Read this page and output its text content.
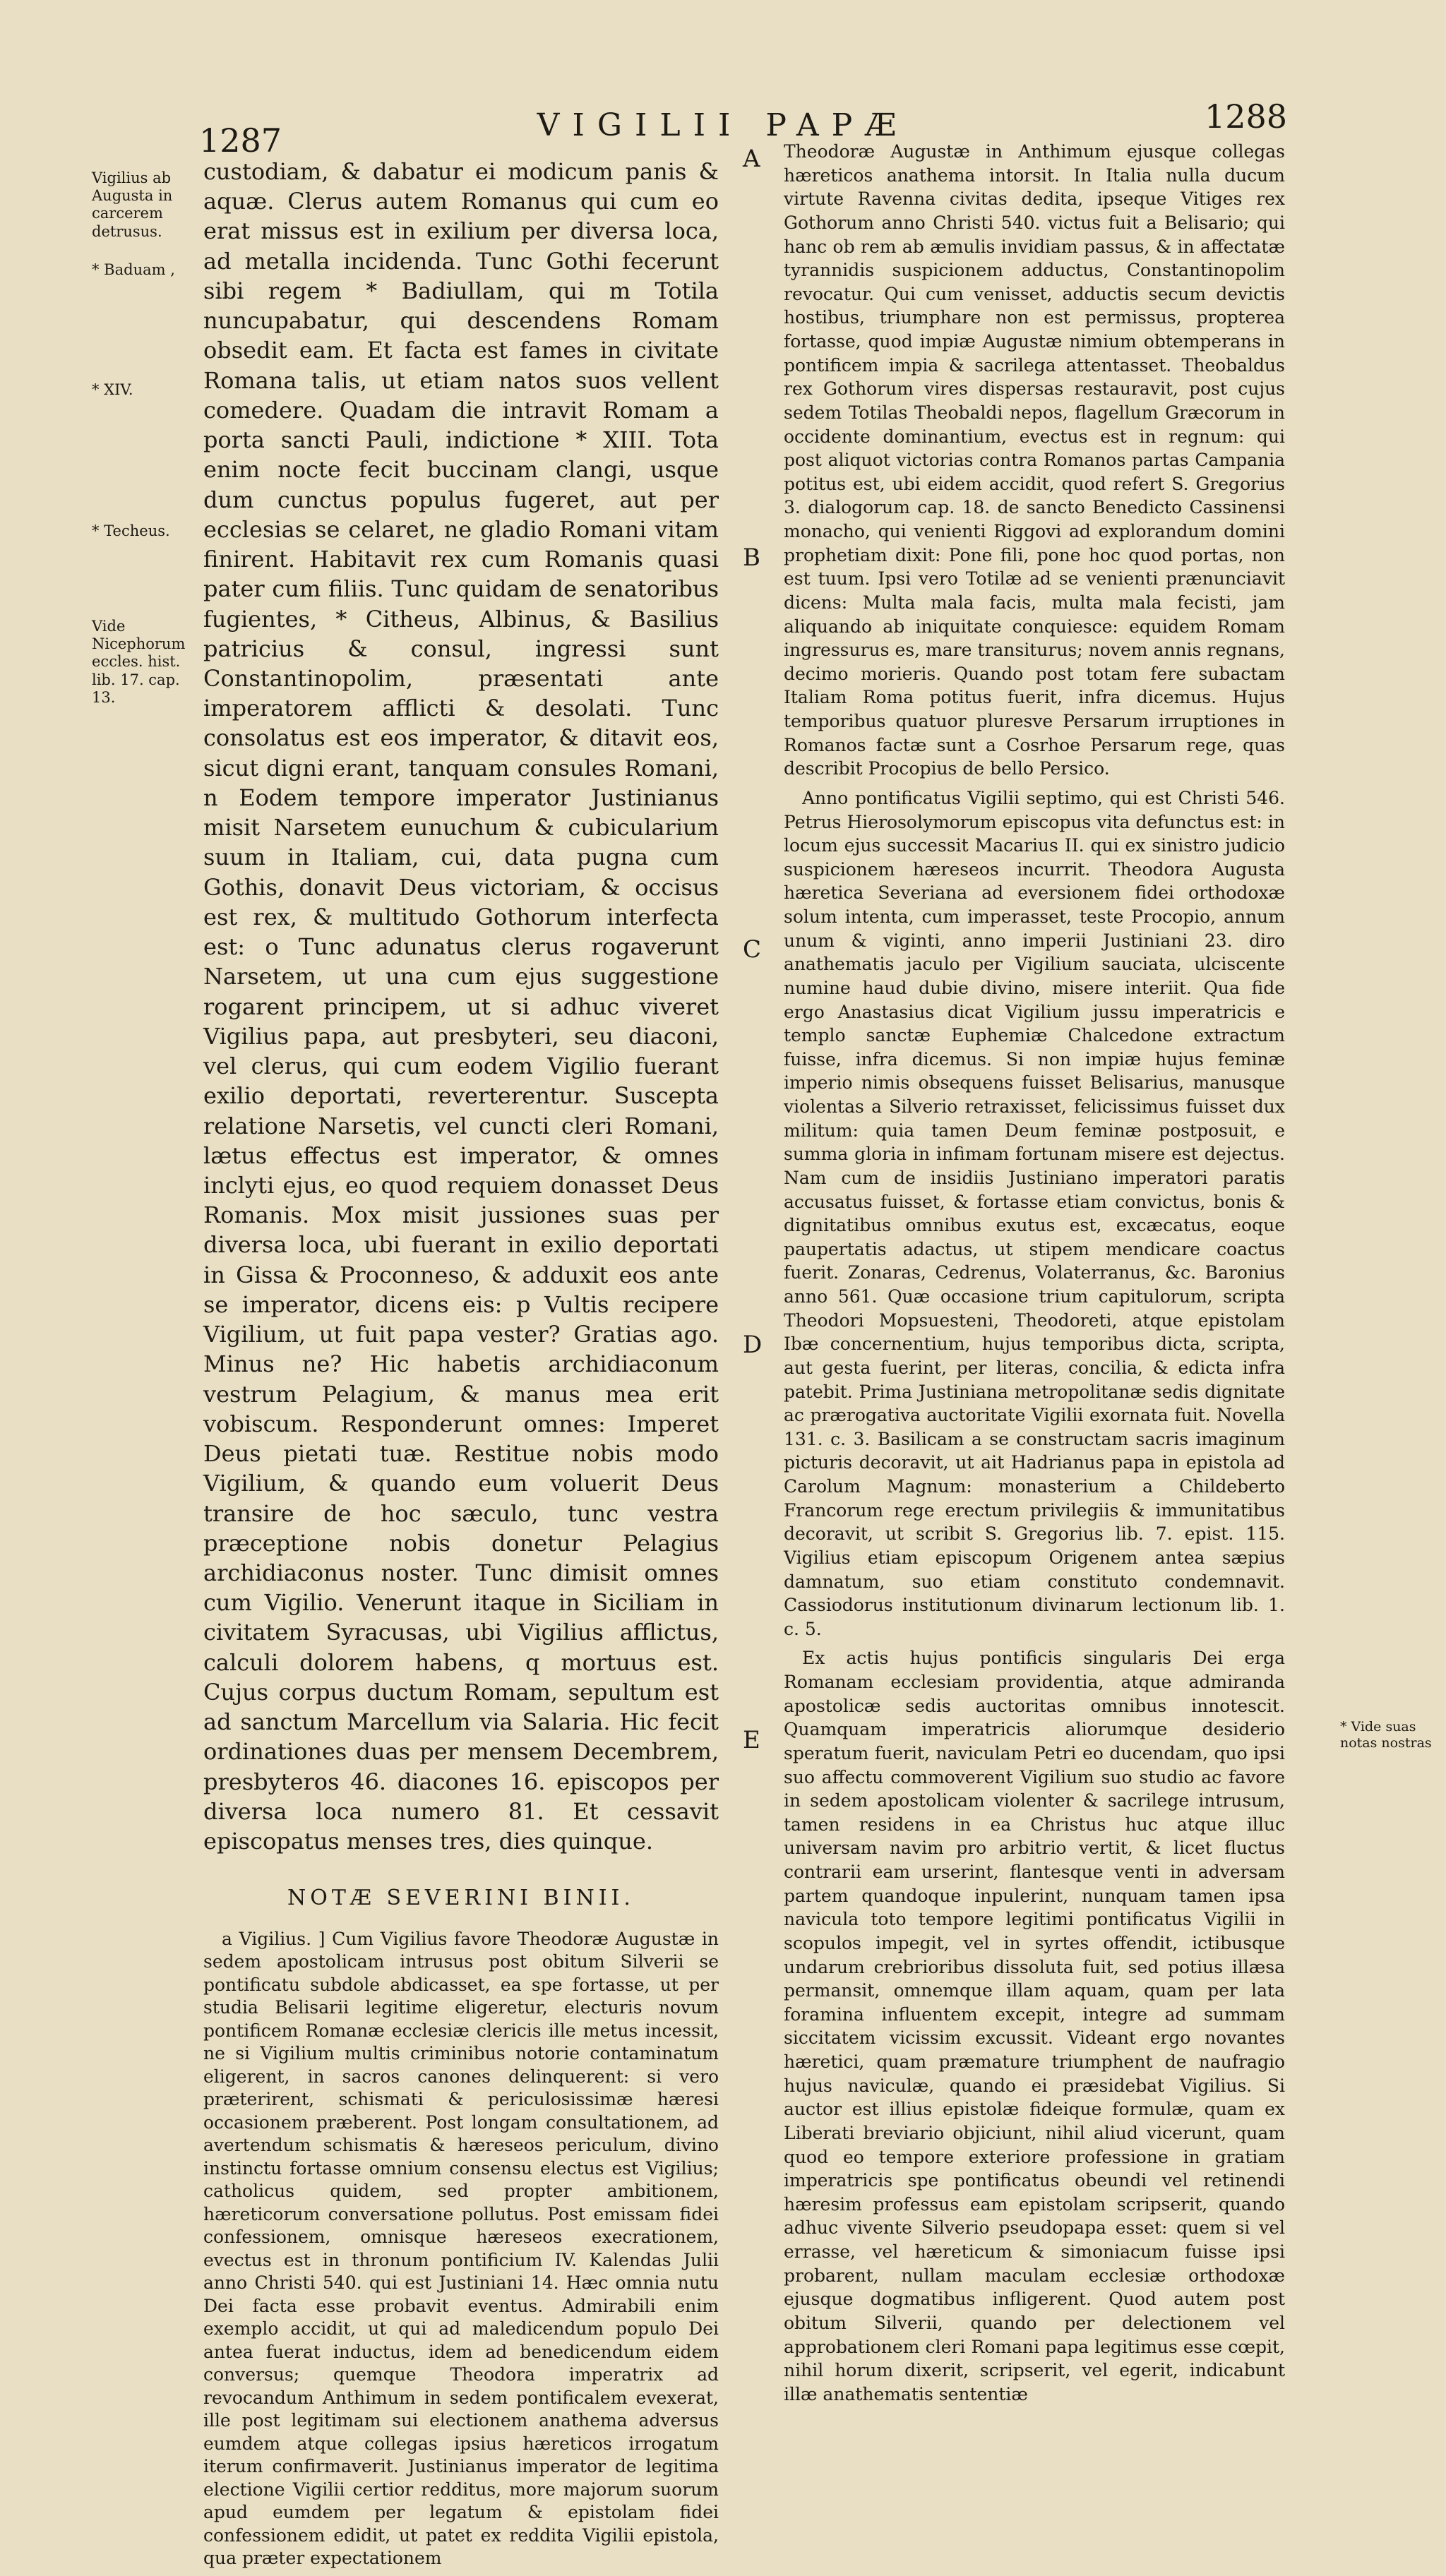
1287	VIGILII PAPÆ	1288
Vigilius ab Augusta in carcerem detrusus.
* Baduam ,
* XIV.
* Techeus.
Vide Nicephorum eccles. hist. lib. 17. cap. 13.
* Vide suas notas nostras
A
B
C
D
E

custodiam, & dabatur ei modicum panis & aquæ. Clerus autem Romanus qui cum eo erat missus est in exilium per diversa loca, ad metalla incidenda. Tunc Gothi fecerunt sibi regem * Badiullam, qui m Totila nuncupabatur, qui descendens Romam obsedit eam. Et facta est fames in civitate Romana talis, ut etiam natos suos vellent comedere. Quadam die intravit Romam a porta sancti Pauli, indictione * XIII. Tota enim nocte fecit buccinam clangi, usque dum cunctus populus fugeret, aut per ecclesias se celaret, ne gladio Romani vitam finirent. Habitavit rex cum Romanis quasi pater cum filiis. Tunc quidam de senatoribus fugientes, * Citheus, Albinus, & Basilius patricius & consul, ingressi sunt Constantinopolim, præsentati ante imperatorem afflicti & desolati. Tunc consolatus est eos imperator, & ditavit eos, sicut digni erant, tanquam consules Romani, n Eodem tempore imperator Justinianus misit Narsetem eunuchum & cubicularium suum in Italiam, cui, data pugna cum Gothis, donavit Deus victoriam, & occisus est rex, & multitudo Gothorum interfecta est: o Tunc adunatus clerus rogaverunt Narsetem, ut una cum ejus suggestione rogarent principem, ut si adhuc viveret Vigilius papa, aut presbyteri, seu diaconi, vel clerus, qui cum eodem Vigilio fuerant exilio deportati, reverterentur. Suscepta relatione Narsetis, vel cuncti cleri Romani, lætus effectus est imperator, & omnes inclyti ejus, eo quod requiem donasset Deus Romanis. Mox misit jussiones suas per diversa loca, ubi fuerant in exilio deportati in Gissa & Proconneso, & adduxit eos ante se imperator, dicens eis: p Vultis recipere Vigilium, ut fuit papa vester? Gratias ago. Minus ne? Hic habetis archidiaconum vestrum Pelagium, & manus mea erit vobiscum. Responderunt omnes: Imperet Deus pietati tuæ. Restitue nobis modo Vigilium, & quando eum voluerit Deus transire de hoc sæculo, tunc vestra præceptione nobis donetur Pelagius archidiaconus noster. Tunc dimisit omnes cum Vigilio. Venerunt itaque in Siciliam in civitatem Syracusas, ubi Vigilius afflictus, calculi dolorem habens, q mortuus est. Cujus corpus ductum Romam, sepultum est ad sanctum Marcellum via Salaria. Hic fecit ordinationes duas per mensem Decembrem, presbyteros 46. diacones 16. episcopos per diversa loca numero 81. Et cessavit episcopatus menses tres, dies quinque.

NOTÆ SEVERINI BINII.

a Vigilius. ] Cum Vigilius favore Theodoræ Augustæ in sedem apostolicam intrusus post obitum Silverii se pontificatu subdole abdicasset, ea spe fortasse, ut per studia Belisarii legitime eligeretur, electuris novum pontificem Romanæ ecclesiæ clericis ille metus incessit, ne si Vigilium multis criminibus notorie contaminatum eligerent, in sacros canones delinquerent: si vero præterirent, schismati & periculosissimæ hæresi occasionem præberent. Post longam consultationem, ad avertendum schismatis & hæreseos periculum, divino instinctu fortasse omnium consensu electus est Vigilius; catholicus quidem, sed propter ambitionem, hæreticorum conversatione pollutus. Post emissam fidei confessionem, omnisque hæreseos execrationem, evectus est in thronum pontificium IV. Kalendas Julii anno Christi 540. qui est Justiniani 14. Hæc omnia nutu Dei facta esse probavit eventus. Admirabili enim exemplo accidit, ut qui ad maledicendum populo Dei antea fuerat inductus, idem ad benedicendum eidem conversus; quemque Theodora imperatrix ad revocandum Anthimum in sedem pontificalem evexerat, ille post legitimam sui electionem anathema adversus eumdem atque collegas ipsius hæreticos irrogatum iterum confirmaverit. Justinianus imperator de legitima electione Vigilii certior redditus, more majorum suorum apud eumdem per legatum & epistolam fidei confessionem edidit, ut patet ex reddita Vigilii epistola, qua præter expectationem

Theodoræ Augustæ in Anthimum ejusque collegas hæreticos anathema intorsit. In Italia nulla ducum virtute Ravenna civitas dedita, ipseque Vitiges rex Gothorum anno Christi 540. victus fuit a Belisario; qui hanc ob rem ab æmulis invidiam passus, & in affectatæ tyrannidis suspicionem adductus, Constantinopolim revocatur. Qui cum venisset, adductis secum devictis hostibus, triumphare non est permissus, propterea fortasse, quod impiæ Augustæ nimium obtemperans in pontificem impia & sacrilega attentasset. Theobaldus rex Gothorum vires dispersas restauravit, post cujus sedem Totilas Theobaldi nepos, flagellum Græcorum in occidente dominantium, evectus est in regnum: qui post aliquot victorias contra Romanos partas Campania potitus est, ubi eidem accidit, quod refert S. Gregorius 3. dialogorum cap. 18. de sancto Benedicto Cassinensi monacho, qui venienti Riggovi ad explorandum domini prophetiam dixit: Pone fili, pone hoc quod portas, non est tuum. Ipsi vero Totilæ ad se venienti prænunciavit dicens: Multa mala facis, multa mala fecisti, jam aliquando ab iniquitate conquiesce: equidem Romam ingressurus es, mare transiturus; novem annis regnans, decimo morieris. Quando post totam fere subactam Italiam Roma potitus fuerit, infra dicemus. Hujus temporibus quatuor pluresve Persarum irruptiones in Romanos factæ sunt a Cosrhoe Persarum rege, quas describit Procopius de bello Persico.

Anno pontificatus Vigilii septimo, qui est Christi 546. Petrus Hierosolymorum episcopus vita defunctus est: in locum ejus successit Macarius II. qui ex sinistro judicio suspicionem hæreseos incurrit. Theodora Augusta hæretica Severiana ad eversionem fidei orthodoxæ solum intenta, cum imperasset, teste Procopio, annum unum & viginti, anno imperii Justiniani 23. diro anathematis jaculo per Vigilium sauciata, ulciscente numine haud dubie divino, misere interiit. Qua fide ergo Anastasius dicat Vigilium jussu imperatricis e templo sanctæ Euphemiæ Chalcedone extractum fuisse, infra dicemus. Si non impiæ hujus feminæ imperio nimis obsequens fuisset Belisarius, manusque violentas a Silverio retraxisset, felicissimus fuisset dux militum: quia tamen Deum feminæ postposuit, e summa gloria in infimam fortunam misere est dejectus. Nam cum de insidiis Justiniano imperatori paratis accusatus fuisset, & fortasse etiam convictus, bonis & dignitatibus omnibus exutus est, excæcatus, eoque paupertatis adactus, ut stipem mendicare coactus fuerit. Zonaras, Cedrenus, Volaterranus, &c. Baronius anno 561. Quæ occasione trium capitulorum, scripta Theodori Mopsuesteni, Theodoreti, atque epistolam Ibæ concernentium, hujus temporibus dicta, scripta, aut gesta fuerint, per literas, concilia, & edicta infra patebit. Prima Justiniana metropolitanæ sedis dignitate ac prærogativa auctoritate Vigilii exornata fuit. Novella 131. c. 3. Basilicam a se constructam sacris imaginum picturis decoravit, ut ait Hadrianus papa in epistola ad Carolum Magnum: monasterium a Childeberto Francorum rege erectum privilegiis & immunitatibus decoravit, ut scribit S. Gregorius lib. 7. epist. 115. Vigilius etiam episcopum Origenem antea sæpius damnatum, suo etiam constituto condemnavit. Cassiodorus institutionum divinarum lectionum lib. 1. c. 5.

Ex actis hujus pontificis singularis Dei erga Romanam ecclesiam providentia, atque admiranda apostolicæ sedis auctoritas omnibus innotescit. Quamquam imperatricis aliorumque desiderio speratum fuerit, naviculam Petri eo ducendam, quo ipsi suo affectu commoverent Vigilium suo studio ac favore in sedem apostolicam violenter & sacrilege intrusum, tamen residens in ea Christus huc atque illuc universam navim pro arbitrio vertit, & licet fluctus contrarii eam urserint, flantesque venti in adversam partem quandoque inpulerint, nunquam tamen ipsa navicula toto tempore legitimi pontificatus Vigilii in scopulos impegit, vel in syrtes offendit, ictibusque undarum crebrioribus dissoluta fuit, sed potius illæsa permansit, omnemque illam aquam, quam per lata foramina influentem excepit, integre ad summam siccitatem vicissim excussit. Videant ergo novantes hæretici, quam præmature triumphent de naufragio hujus naviculæ, quando ei præsidebat Vigilius. Si auctor est illius epistolæ fideique formulæ, quam ex Liberati breviario objiciunt, nihil aliud vicerunt, quam quod eo tempore exteriore professione in gratiam imperatricis spe pontificatus obeundi vel retinendi hæresim professus eam epistolam scripserit, quando adhuc vivente Silverio pseudopapa esset: quem si vel errasse, vel hæreticum & simoniacum fuisse ipsi probarent, nullam maculam ecclesiæ orthodoxæ ejusque dogmatibus infligerent. Quod autem post obitum Silverii, quando per delectionem vel approbationem cleri Romani papa legitimus esse cœpit, nihil horum dixerit, scripserit, vel egerit, indicabunt illæ anathematis sententiæ
